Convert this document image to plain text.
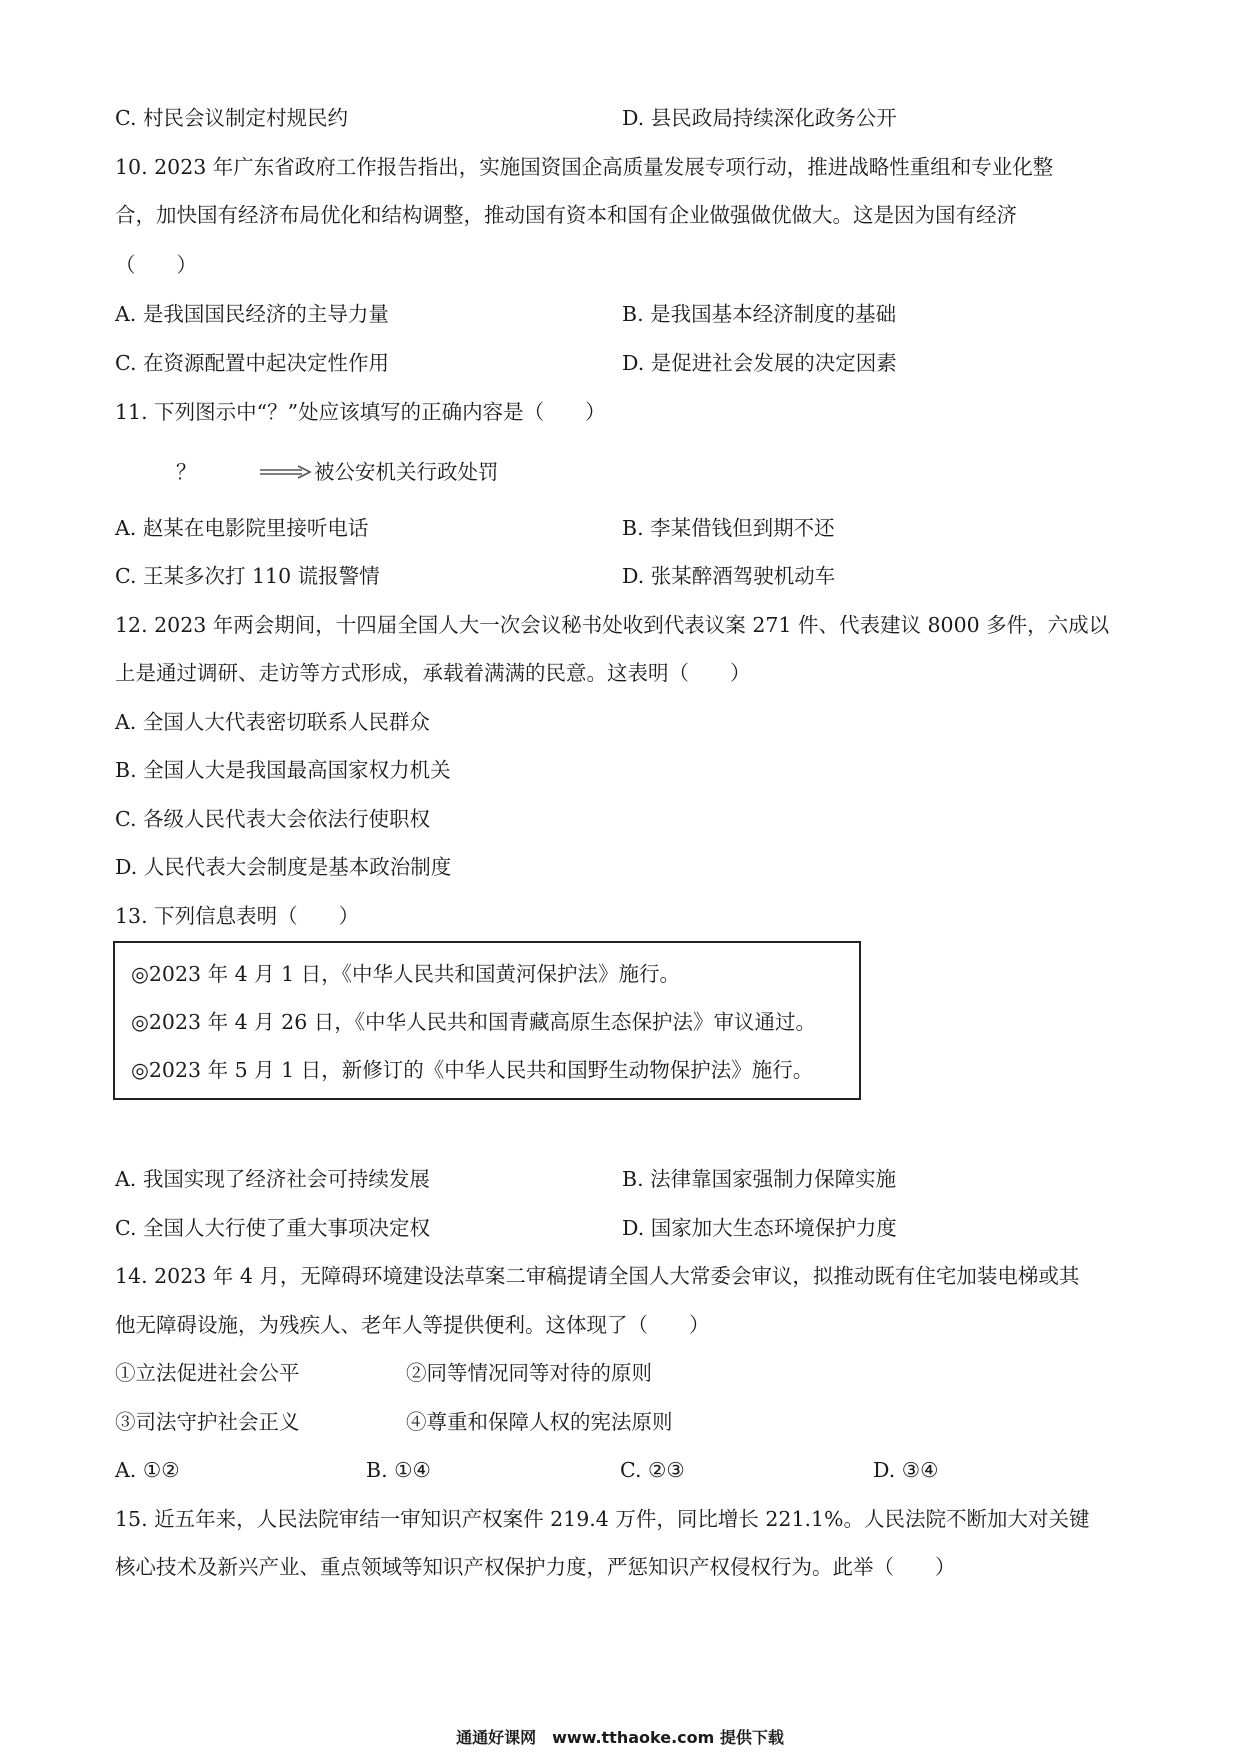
C. 村民会议制定村规民约	D. 县民政局持续深化政务公开
10. 2023 年广东省政府工作报告指出，实施国资国企高质量发展专项行动，推进战略性重组和专业化整
合，加快国有经济布局优化和结构调整，推动国有资本和国有企业做强做优做大。这是因为国有经济
（　　）
A. 是我国国民经济的主导力量	B. 是我国基本经济制度的基础
C. 在资源配置中起决定性作用	D. 是促进社会发展的决定因素
11. 下列图示中“？”处应该填写的正确内容是（　　）
？	被公安机关行政处罚
A. 赵某在电影院里接听电话	B. 李某借钱但到期不还
C. 王某多次打 110 谎报警情	D. 张某醉酒驾驶机动车
12. 2023 年两会期间，十四届全国人大一次会议秘书处收到代表议案 271 件、代表建议 8000 多件，六成以
上是通过调研、走访等方式形成，承载着满满的民意。这表明（　　）
A. 全国人大代表密切联系人民群众
B. 全国人大是我国最高国家权力机关
C. 各级人民代表大会依法行使职权
D. 人民代表大会制度是基本政治制度
13. 下列信息表明（　　）
◎2023 年 4 月 1 日，《中华人民共和国黄河保护法》施行。
◎2023 年 4 月 26 日，《中华人民共和国青藏高原生态保护法》审议通过。
◎2023 年 5 月 1 日，新修订的《中华人民共和国野生动物保护法》施行。
A. 我国实现了经济社会可持续发展	B. 法律靠国家强制力保障实施
C. 全国人大行使了重大事项决定权	D. 国家加大生态环境保护力度
14. 2023 年 4 月，无障碍环境建设法草案二审稿提请全国人大常委会审议，拟推动既有住宅加装电梯或其
他无障碍设施，为残疾人、老年人等提供便利。这体现了（　　）
①立法促进社会公平	②同等情况同等对待的原则
③司法守护社会正义	④尊重和保障人权的宪法原则
A. ①②	B. ①④	C. ②③	D. ③④
15. 近五年来，人民法院审结一审知识产权案件 219.4 万件，同比增长 221.1%。人民法院不断加大对关键
核心技术及新兴产业、重点领域等知识产权保护力度，严惩知识产权侵权行为。此举（　　）
通通好课网　www.tthaoke.com 提供下载
